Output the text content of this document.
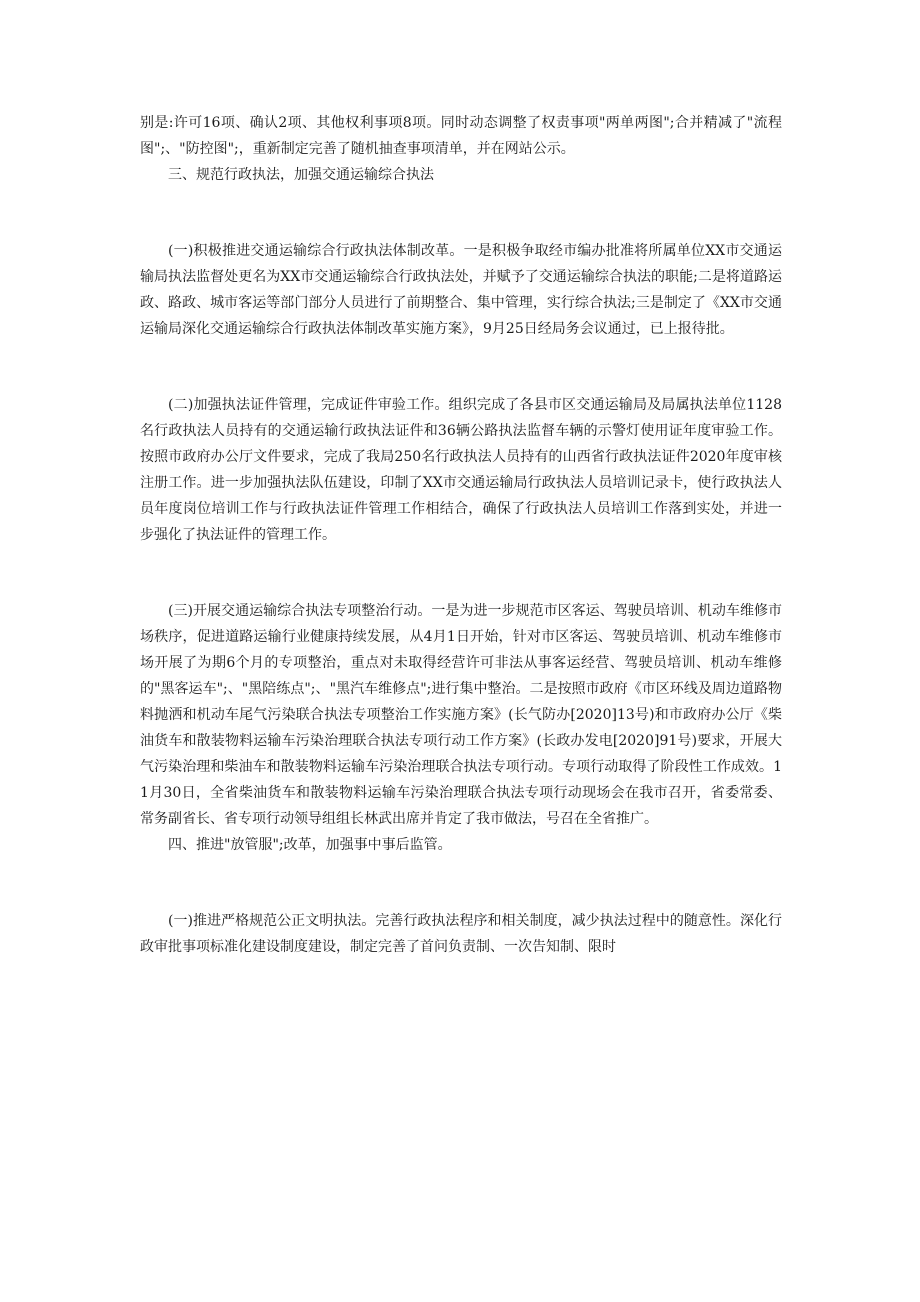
别是:许可16项、确认2项、其他权利事项8项。同时动态调整了权责事项"两单两图";合并精减了"流程图";、"防控图";，重新制定完善了随机抽查事项清单，并在网站公示。

三、规范行政执法，加强交通运输综合执法

(一)积极推进交通运输综合行政执法体制改革。一是积极争取经市编办批准将所属单位XX市交通运输局执法监督处更名为XX市交通运输综合行政执法处，并赋予了交通运输综合执法的职能;二是将道路运政、路政、城市客运等部门部分人员进行了前期整合、集中管理，实行综合执法;三是制定了《XX市交通运输局深化交通运输综合行政执法体制改革实施方案》，9月25日经局务会议通过，已上报待批。

(二)加强执法证件管理，完成证件审验工作。组织完成了各县市区交通运输局及局属执法单位1128名行政执法人员持有的交通运输行政执法证件和36辆公路执法监督车辆的示警灯使用证年度审验工作。按照市政府办公厅文件要求，完成了我局250名行政执法人员持有的山西省行政执法证件2020年度审核注册工作。进一步加强执法队伍建设，印制了XX市交通运输局行政执法人员培训记录卡，使行政执法人员年度岗位培训工作与行政执法证件管理工作相结合，确保了行政执法人员培训工作落到实处，并进一步强化了执法证件的管理工作。

(三)开展交通运输综合执法专项整治行动。一是为进一步规范市区客运、驾驶员培训、机动车维修市场秩序，促进道路运输行业健康持续发展，从4月1日开始，针对市区客运、驾驶员培训、机动车维修市场开展了为期6个月的专项整治，重点对未取得经营许可非法从事客运经营、驾驶员培训、机动车维修的"黑客运车";、"黑陪练点";、"黑汽车维修点";进行集中整治。二是按照市政府《市区环线及周边道路物料抛洒和机动车尾气污染联合执法专项整治工作实施方案》(长气防办[2020]13号)和市政府办公厅《柴油货车和散装物料运输车污染治理联合执法专项行动工作方案》(长政办发电[2020]91号)要求，开展大气污染治理和柴油车和散装物料运输车污染治理联合执法专项行动。专项行动取得了阶段性工作成效。11月30日，全省柴油货车和散装物料运输车污染治理联合执法专项行动现场会在我市召开，省委常委、常务副省长、省专项行动领导组组长林武出席并肯定了我市做法，号召在全省推广。

四、推进"放管服";改革，加强事中事后监管。

(一)推进严格规范公正文明执法。完善行政执法程序和相关制度，减少执法过程中的随意性。深化行政审批事项标准化建设制度建设，制定完善了首问负责制、一次告知制、限时
